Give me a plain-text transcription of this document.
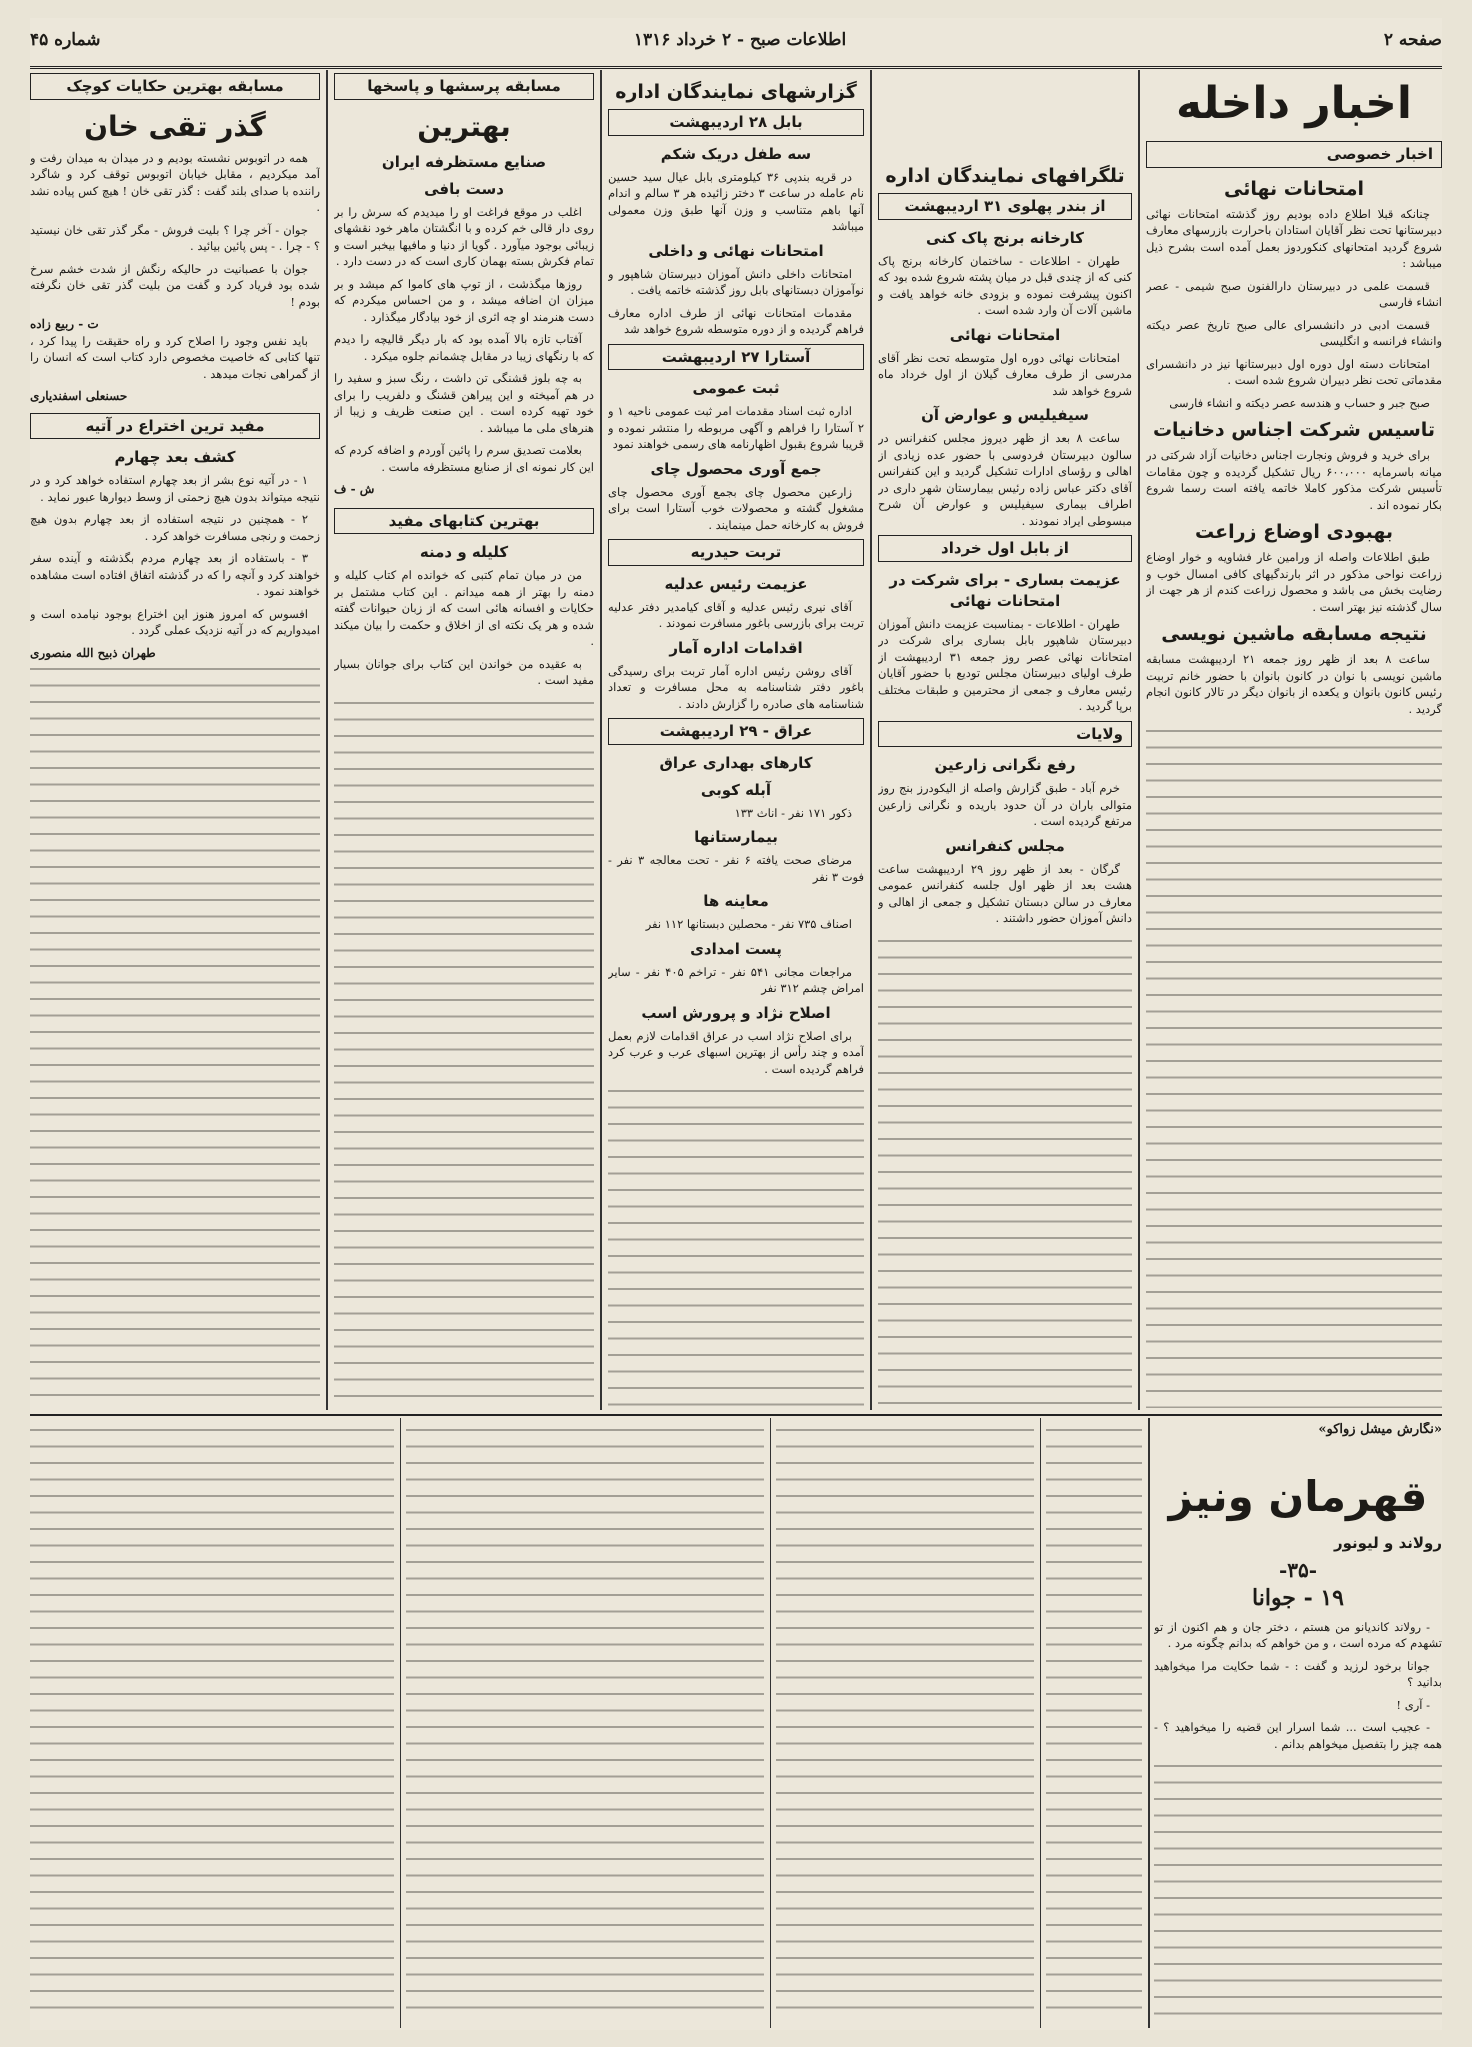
صفحه ۲
اطلاعات صبح - ۲ خرداد ۱۳۱۶
شماره ۴۵
اخبار داخله
اخبار خصوصی
امتحانات نهائی

چنانکه قبلا اطلاع داده بودیم روز گذشته امتحانات نهائی دبیرستانها تحت نظر آقایان استادان باحرارت بازرسهای معارف شروع گردید امتحانهای کنکوردوز بعمل آمده است بشرح ذیل میباشد :

قسمت علمی در دبیرستان دارالفنون صبح شیمی - عصر انشاء فارسی

قسمت ادبی در دانشسرای عالی صبح تاریخ عصر دیکته وانشاء فرانسه و انگلیسی

امتحانات دسته اول دوره اول دبیرستانها نیز در دانشسرای مقدماتی تحت نظر دبیران شروع شده است .

صبح جبر و حساب و هندسه عصر دیکته و انشاء فارسی

تاسیس شرکت اجناس دخانیات

برای خرید و فروش ونجارت اجناس دخانیات آزاد شرکتی در میانه باسرمایه ۶۰۰،۰۰۰ ریال تشکیل گردیده و چون مقامات تأسیس شرکت مذکور کاملا خاتمه یافته است رسما شروع بکار نموده اند .

بهبودی اوضاع زراعت

طبق اطلاعات واصله از ورامین غار فشاویه و خوار اوضاع زراعت نواحی مذکور در اثر بارندگیهای کافی امسال خوب و رضایت بخش می باشد و محصول زراعت کندم از هر جهت از سال گذشته نیز بهتر است .

نتیجه مسابقه ماشین نویسی

ساعت ۸ بعد از ظهر روز جمعه ۲۱ اردیبهشت مسابقه ماشین نویسی با نوان در کانون بانوان با حضور خانم تربیت رئیس کانون بانوان و یکعده از بانوان دیگر در تالار کانون انجام گردید .

تلگرافهای نمایندگان اداره
از بندر پهلوی ۳۱ اردیبهشت
کارخانه برنج پاک کنی

طهران - اطلاعات - ساختمان کارخانه برنج پاک کنی که از چندی قبل در میان پشته شروع شده بود که اکنون پیشرفت نموده و بزودی خانه خواهد یافت و ماشین آلات آن وارد شده است .

امتحانات نهائی

امتحانات نهائی دوره اول متوسطه تحت نظر آقای مدرسی از طرف معارف گیلان از اول خرداد ماه شروع خواهد شد

سیفیلیس و عوارض آن

ساعت ۸ بعد از ظهر دیروز مجلس کنفرانس در سالون دبیرستان فردوسی با حضور عده زیادی از اهالی و رؤسای ادارات تشکیل گردید و این کنفرانس آقای دکتر عباس زاده رئیس بیمارستان شهر داری در اطراف بیماری سیفیلیس و عوارض آن شرح مبسوطی ایراد نمودند .

از بابل اول خرداد
عزیمت بساری - برای شرکت در امتحانات نهائی

طهران - اطلاعات - بمناسبت عزیمت دانش آموزان دبیرستان شاهپور بابل بساری برای شرکت در امتحانات نهائی عصر روز جمعه ۳۱ اردیبهشت از طرف اولیای دبیرستان مجلس تودیع با حضور آقایان رئیس معارف و جمعی از محترمین و طبقات مختلف برپا گردید .

ولایات
رفع نگرانی زارعین

خرم آباد - طبق گزارش واصله از الیکودرز بنج روز متوالی باران در آن حدود باریده و نگرانی زارعین مرتفع گردیده است .

مجلس کنفرانس

گرگان - بعد از ظهر روز ۲۹ اردیبهشت ساعت هشت بعد از ظهر اول جلسه کنفرانس عمومی معارف در سالن دبستان تشکیل و جمعی از اهالی و دانش آموزان حضور داشتند .

گزارشهای نمایندگان اداره
بابل ۲۸ اردیبهشت
سه طفل دریک شکم

در قریه بندپی ۳۶ کیلومتری بابل عیال سید حسین نام عامله در ساعت ۳ دختر زائیده هر ۳ سالم و اندام آنها باهم متناسب و وزن آنها طبق وزن معمولی میباشد

امتحانات نهائی و داخلی

امتحانات داخلی دانش آموزان دبیرستان شاهپور و نوآموزان دبستانهای بابل روز گذشته خاتمه یافت .

مقدمات امتحانات نهائی از طرف اداره معارف فراهم گردیده و از دوره متوسطه شروع خواهد شد

آستارا ۲۷ اردیبهشت
ثبت عمومی

اداره ثبت اسناد مقدمات امر ثبت عمومی ناحیه ۱ و ۲ آستارا را فراهم و آگهی مربوطه را منتشر نموده و قریبا شروع بقبول اظهارنامه های رسمی خواهند نمود

جمع آوری محصول چای

زارعین محصول چای بجمع آوری محصول چای مشغول گشته و محصولات خوب آستارا است برای فروش به کارخانه حمل مینمایند .

تربت حیدریه
عزیمت رئیس عدلیه

آقای نیری رئیس عدلیه و آقای کیامدیر دفتر عدلیه تربت برای بازرسی باغور مسافرت نمودند .

اقدامات اداره آمار

آقای روشن رئیس اداره آمار تربت برای رسیدگی باغور دفتر شناسنامه به محل مسافرت و تعداد شناسنامه های صادره را گزارش دادند .

عراق - ۲۹ اردیبهشت
کارهای بهداری عراق
آبله کوبی

ذکور ۱۷۱ نفر - اناث ۱۳۳

بیمارستانها

مرضای صحت یافته ۶ نفر - تحت معالجه ۳ نفر - فوت ۳ نفر

معاینه ها

اصناف ۷۳۵ نفر - محصلین دبستانها ۱۱۲ نفر

پست امدادی

مراجعات مجانی ۵۴۱ نفر - تراخم ۴۰۵ نفر - سایر امراض چشم ۳۱۲ نفر

اصلاح نژاد و پرورش اسب

برای اصلاح نژاد اسب در عراق اقدامات لازم بعمل آمده و چند رأس از بهترین اسبهای عرب و عرب کرد فراهم گردیده است .

مسابقه پرسشها و پاسخها
بهترین
صنایع مستظرفه ایران
دست بافی

اغلب در موقع فراغت او را میدیدم که سرش را بر روی دار قالی خم کرده و با انگشتان ماهر خود نقشهای زیبائی بوجود میآورد . گویا از دنیا و مافیها بیخبر است و تمام فکرش بسته بهمان کاری است که در دست دارد .

روزها میگذشت ، از توپ های کاموا کم میشد و بر میزان ان اضافه میشد ، و من احساس میکردم که دست هنرمند او چه اثری از خود بیادگار میگذارد .

آفتاب تازه بالا آمده بود که بار دیگر قالیچه را دیدم که با رنگهای زیبا در مقابل چشمانم جلوه میکرد .

به چه بلوز قشنگی تن داشت ، رنگ سبز و سفید را در هم آمیخته و این پیراهن قشنگ و دلفریب را برای خود تهیه کرده است . این صنعت ظریف و زیبا از هنرهای ملی ما میباشد .

بعلامت تصدیق سرم را پائین آوردم و اضافه کردم که این کار نمونه ای از صنایع مستظرفه ماست .

ش - ف
بهترین کتابهای مفید
کلیله و دمنه

من در میان تمام کتبی که خوانده ام کتاب کلیله و دمنه را بهتر از همه میدانم . این کتاب مشتمل بر حکایات و افسانه هائی است که از زبان حیوانات گفته شده و هر یک نکته ای از اخلاق و حکمت را بیان میکند .

به عقیده من خواندن این کتاب برای جوانان بسیار مفید است .

مسابقه بهترین حکایات کوچک
گذر تقی خان

همه در اتوبوس نشسته بودیم و در میدان به میدان رفت و آمد میکردیم ، مقابل خیابان اتوبوس توقف کرد و شاگرد راننده با صدای بلند گفت : گذر تقی خان ! هیچ کس پیاده نشد .

جوان - آخر چرا ؟ بلیت فروش - مگر گذر تقی خان نیستید ؟ - چرا . - پس پائین بیائید .

جوان با عصبانیت در حالیکه رنگش از شدت خشم سرخ شده بود فریاد کرد و گفت من بلیت گذر تقی خان نگرفته بودم !

ت - ربیع زاده

باید نفس وجود را اصلاح کرد و راه حقیقت را پیدا کرد ، تنها کتابی که خاصیت مخصوص دارد کتاب است که انسان را از گمراهی نجات میدهد .

حسنعلی اسفندیاری
مفید ترین اختراع در آتیه
کشف بعد چهارم

۱ - در آتیه نوع بشر از بعد چهارم استفاده خواهد کرد و در نتیجه میتواند بدون هیچ زحمتی از وسط دیوارها عبور نماید .

۲ - همچنین در نتیجه استفاده از بعد چهارم بدون هیچ زحمت و رنجی مسافرت خواهد کرد .

۳ - باستفاده از بعد چهارم مردم بگذشته و آینده سفر خواهند کرد و آنچه را که در گذشته اتفاق افتاده است مشاهده خواهند نمود .

افسوس که امروز هنوز این اختراع بوجود نیامده است و امیدواریم که در آتیه نزدیک عملی گردد .

طهران ذبیح الله منصوری
«نگارش میشل زواکو»
قهرمان ونیز
رولاند و لیونور
-۳۵-
۱۹ - جوانا

- رولاند کاندیانو من هستم ، دختر جان و هم اکنون از تو تشهدم که مرده است ، و من خواهم که بدانم چگونه مرد .

جوانا برخود لرزید و گفت : - شما حکایت مرا میخواهید بدانید ؟

- آری !

- عجیب است ... شما اسرار این قضیه را میخواهید ؟ - همه چیز را بتفصیل میخواهم بدانم .
